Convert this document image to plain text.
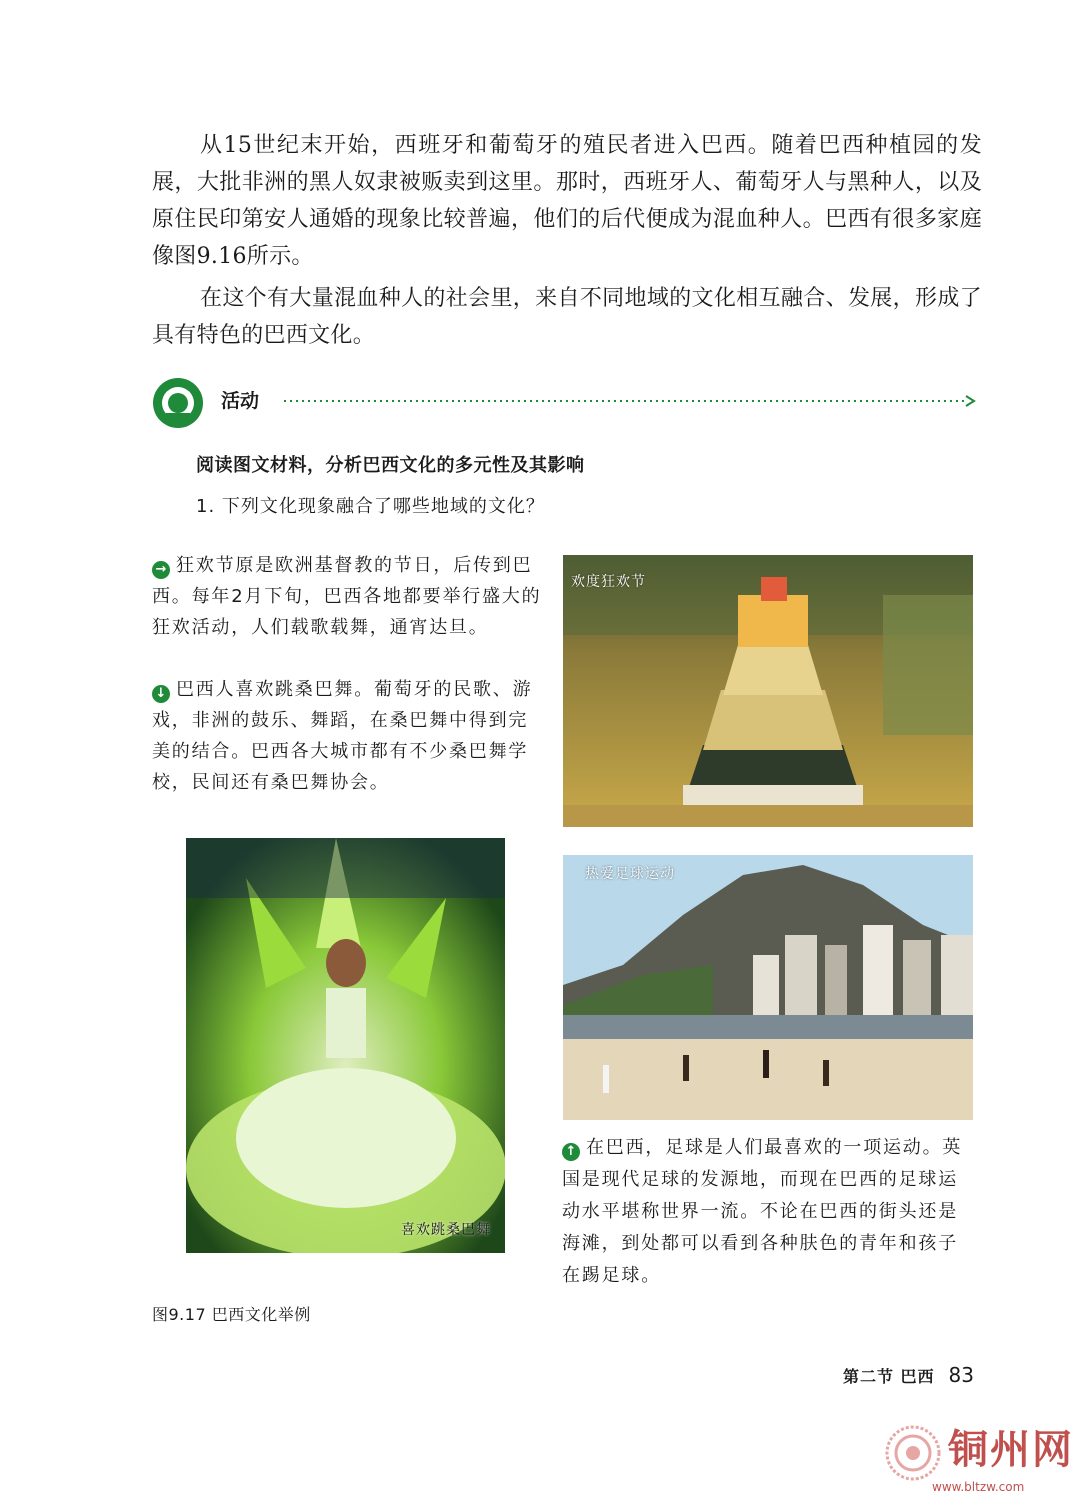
从15世纪末开始，西班牙和葡萄牙的殖民者进入巴西。随着巴西种植园的发展，大批非洲的黑人奴隶被贩卖到这里。那时，西班牙人、葡萄牙人与黑种人，以及原住民印第安人通婚的现象比较普遍，他们的后代便成为混血种人。巴西有很多家庭像图9.16所示。

在这个有大量混血种人的社会里，来自不同地域的文化相互融合、发展，形成了具有特色的巴西文化。

活动
阅读图文材料，分析巴西文化的多元性及其影响
1. 下列文化现象融合了哪些地域的文化？

→ 狂欢节原是欧洲基督教的节日，后传到巴西。每年2月下旬，巴西各地都要举行盛大的狂欢活动，人们载歌载舞，通宵达旦。

↓ 巴西人喜欢跳桑巴舞。葡萄牙的民歌、游戏，非洲的鼓乐、舞蹈，在桑巴舞中得到完美的结合。巴西各大城市都有不少桑巴舞学校，民间还有桑巴舞协会。

欢度狂欢节
喜欢跳桑巴舞
热爱足球运动

↑ 在巴西，足球是人们最喜欢的一项运动。英国是现代足球的发源地，而现在巴西的足球运动水平堪称世界一流。不论在巴西的街头还是海滩，到处都可以看到各种肤色的青年和孩子在踢足球。

图9.17 巴西文化举例
第二节 巴西 83
铜州网
www.bltzw.com
